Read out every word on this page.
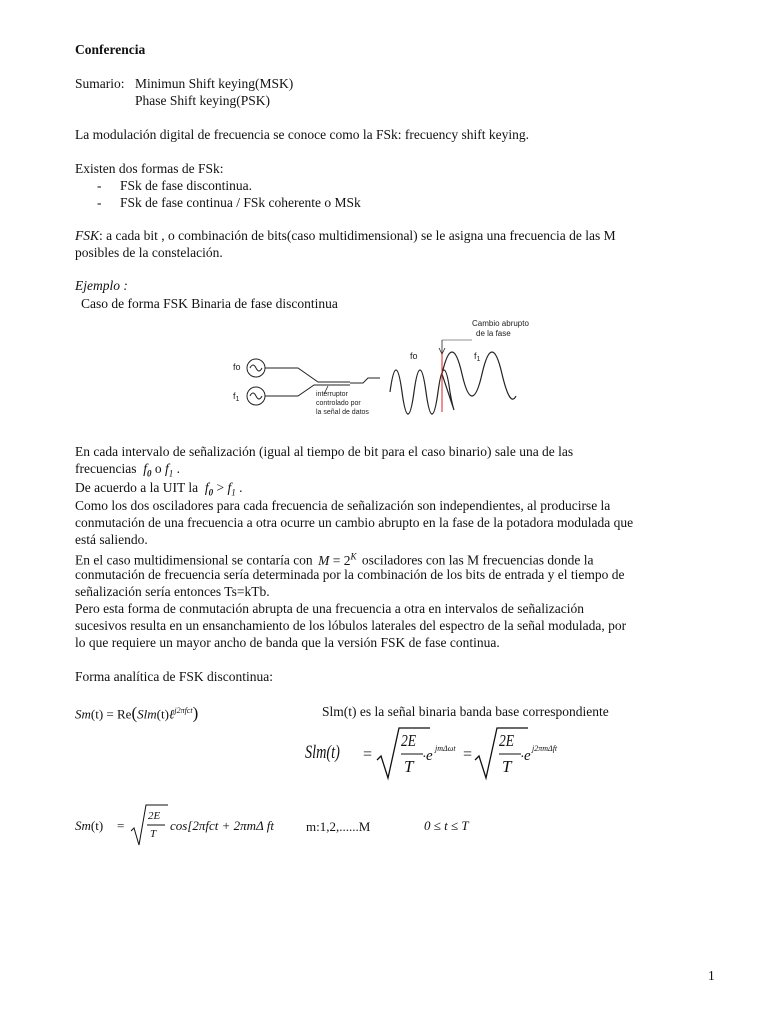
Conferencia
Sumario: Minimun Shift keying(MSK)
Phase Shift keying(PSK)
La modulación digital de frecuencia se conoce como la FSk: frecuency shift keying.
Existen dos formas de FSk:
- FSk de fase discontinua.
- FSk de fase continua / FSk coherente o MSk
FSK: a cada bit , o combinación de bits(caso multidimensional) se le asigna una frecuencia de las M
posibles de la constelación.
Ejemplo :
Caso de forma FSK Binaria de fase discontinua
fo
$f_1$
interruptor
controlado por
la señal de datos
fo	$f_1$
Cambio abrupto
de la fase
En cada intervalo de señalización (igual al tiempo de bit para el caso binario) sale una de las
frecuencias $f_0$ o $f_1$ .
De acuerdo a la UIT la $f_0 > f_1$ .
Como los dos osciladores para cada frecuencia de señalización son independientes, al producirse la
conmutación de una frecuencia a otra ocurre un cambio abrupto en la fase de la potadora modulada que
está saliendo.
En el caso multidimensional se contaría con $M = 2^K$ osciladores con las M frecuencias donde la
conmutación de frecuencia sería determinada por la combinación de los bits de entrada y el tiempo de
señalización sería entonces Ts=kTb.
Pero esta forma de conmutación abrupta de una frecuencia a otra en intervalos de señalización
sucesivos resulta en un ensanchamiento de los lóbulos laterales del espectro de la señal modulada, por
lo que requiere un mayor ancho de banda que la versión FSK de fase continua.
Forma analítica de FSK discontinua:
Sm(t) = Re(Slm(t)ℓ$^{j2\pi fct}$)	Slm(t) es la señal binaria banda base correspondiente
Slm(t) =
2E
T · e jmΔωt =
2E
T · e j2πmΔft
Sm(t) =
2E
T
cos[2πfct + 2πmΔ ft m:1,2,......M	0 ≤ t ≤ T
1
